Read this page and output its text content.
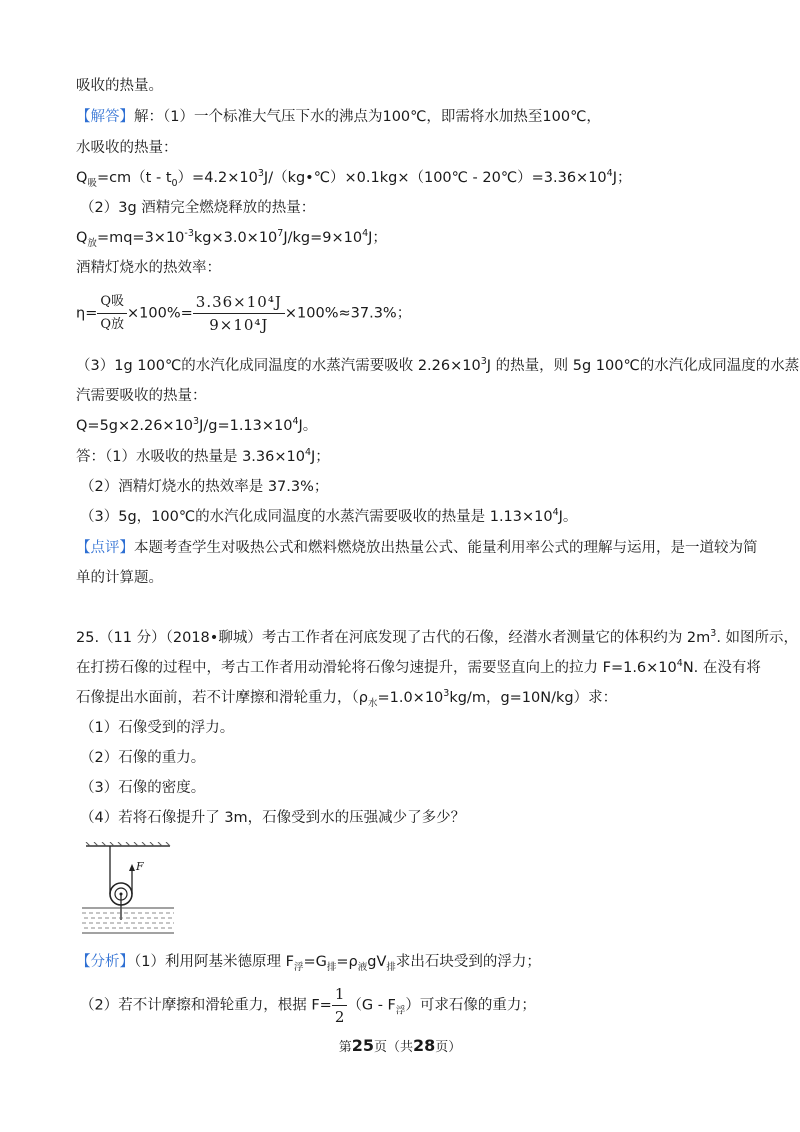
吸收的热量。
【解答】解：（1）一个标准大气压下水的沸点为100℃，即需将水加热至100℃，
水吸收的热量：
$Q_吸=cm(t$ - $t_0)=4.2\times 10^3J/(kg•℃)\times 0.1kg\times(100℃$ - $20℃)=3.36\times 10^4J$；
（2）3g 酒精完全燃烧释放的热量：
$Q_放=mq=3\times 10^{-3}kg\times 3.0\times 10^7J/kg=9\times 10^4J$；
酒精灯烧水的热效率：
$\eta= \frac{\text{Q吸}}{\text{Q放}} \times 100\%= \frac{\text{3.36×10⁴J}}{\text{9×10⁴J}} \times 100\%\approx 37.3\%$；
（3）1g 100℃的水汽化成同温度的水蒸汽需要吸收 $2.26\times 10^3J$ 的热量，则 5g 100℃的水汽化成同温度的水蒸
汽需要吸收的热量：
$Q=5g\times 2.26\times 10^3J/g=1.13\times 10^4J$。
答：（1）水吸收的热量是 $3.36\times 10^4J$；
（2）酒精灯烧水的热效率是 37.3%；
（3）5g，100℃的水汽化成同温度的水蒸汽需要吸收的热量是 $1.13\times 10^4J$。
【点评】本题考查学生对吸热公式和燃料燃烧放出热量公式、能量利用率公式的理解与运用，是一道较为简
单的计算题。
25.（11 分）（2018•聊城）考古工作者在河底发现了古代的石像，经潜水者测量它的体积约为 $2m^3$. 如图所示，
在打捞石像的过程中，考古工作者用动滑轮将石像匀速提升，需要竖直向上的拉力 $F=1.6\times 10^4N$. 在没有将
石像提出水面前，若不计摩擦和滑轮重力，（$\rho_水=1.0\times 10^3kg/m$，g=10N/kg）求：
（1）石像受到的浮力。
（2）石像的重力。
（3）石像的密度。
（4）若将石像提升了 3m，石像受到水的压强减少了多少？
F
【分析】（1）利用阿基米德原理 $F_浮=G_排=\rho_液gV_排$求出石块受到的浮力；
（2）若不计摩擦和滑轮重力，根据 $F= \frac{1}{2} (G - F_浮)$可求石像的重力；
第25页（共28页）
